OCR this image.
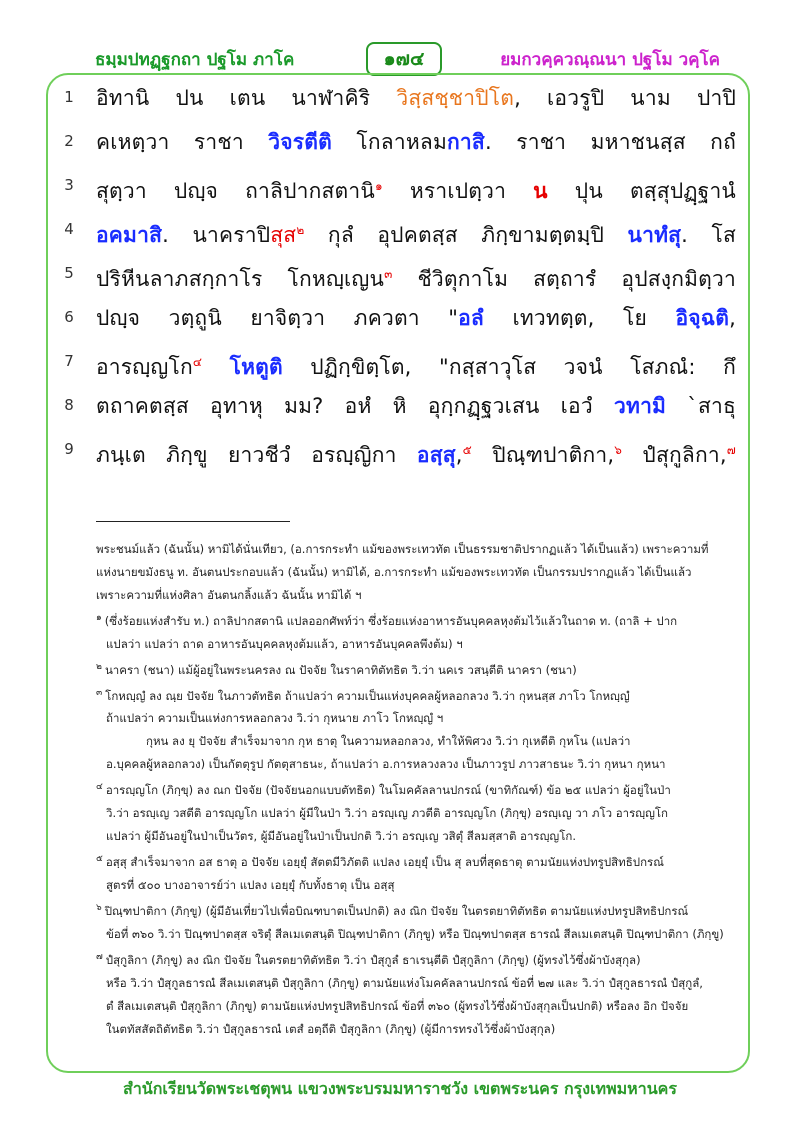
ธมฺมปทฏฺฐกถา ปฐโม ภาโค	๑๗๔	ยมกวคฺควณฺณนา ปฐโม วคฺโค
1 อิทานิ ปน เตน นาฬาคิริ วิสฺสชฺชาปิโต, เอวรูปิ นาม ปาปิ
2 คเหตฺวา ราชา วิจรตีติ โกลาหลมกาสิ. ราชา มหาชนสฺส กถํ
3 สุตฺวา ปญฺจ ถาลิปากสตานิ$^๑$ หราเปตฺวา น ปุน ตสฺสุปฏฺฐานํ
4 อคมาสิ. นาคราปิสุส$^๒$ กุลํ อุปคตสฺส ภิกฺขามตฺตมฺปิ นาทํสุ. โส
5 ปริหีนลาภสกฺกาโร โกหญฺเญน$^๓$ ชีวิตุกาโม สตฺถารํ อุปสงฺกมิตฺวา
6 ปญฺจ วตฺถูนิ ยาจิตฺวา ภควตา "อลํ เทวทตฺต, โย อิจฺฉติ,
7 อารญฺญโก$^๔$ โหตูติ ปฏิกฺขิตฺโต, "กสฺสาวุโส วจนํ โสภณํ: กึ
8 ตถาคตสฺส อุทาหุ มม? อหํ หิ อุกฺกฏฺฐวเสน เอวํ วทามิ `สาธุ
9 ภนฺเต ภิกฺขู ยาวชีวํ อรญฺญิกา อสฺสุ,$^๕$ ปิณฺฑปาติกา,$^๖$ ปํสุกูลิกา,$^๗$

พระชนม์แล้ว (ฉันนั้น) หามิได้นั่นเทียว, (อ.การกระทำ แม้ของพระเทวทัต เป็นธรรมชาติปรากฏแล้ว ได้เป็นแล้ว) เพราะความที่

แห่งนายขมังธนู ท. อันตนประกอบแล้ว (ฉันนั้น) หามิได้, อ.การกระทำ แม้ของพระเทวทัต เป็นกรรมปรากฏแล้ว ได้เป็นแล้ว

เพราะความที่แห่งศิลา อันตนกลิ้งแล้ว ฉันนั้น หามิได้ ฯ

$^๑$ (ซึ่งร้อยแห่งสำรับ ท.) ถาลิปากสตานิ แปลออกศัพท์ว่า ซึ่งร้อยแห่งอาหารอันบุคคลหุงต้มไว้แล้วในถาด ท. (ถาลิ + ปาก

แปลว่า แปลว่า ถาด อาหารอันบุคคลหุงต้มแล้ว, อาหารอันบุคคลพึงต้ม) ฯ

$^๒$ นาครา (ชนา) แม้ผู้อยู่ในพระนครลง ณ ปัจจัย ในราคาทิตัทธิต วิ.ว่า นคเร วสนฺตีติ นาครา (ชนา)

$^๓$ โกหญฺญํ ลง ณฺย ปัจจัย ในภาวตัทธิต ถ้าแปลว่า ความเป็นแห่งบุคคลผู้หลอกลวง วิ.ว่า กุหนสฺส ภาโว โกหญฺญํ

ถ้าแปลว่า ความเป็นแห่งการหลอกลวง วิ.ว่า กุหนาย ภาโว โกหญฺญํ ฯ

กุหน ลง ยุ ปัจจัย สำเร็จมาจาก กุห ธาตุ ในความหลอกลวง, ทำให้พิศวง วิ.ว่า กุเหตีติ กุหโน (แปลว่า

อ.บุคคลผู้หลอกลวง) เป็นกัตตุรูป กัตตุสาธนะ, ถ้าแปลว่า อ.การหลวงลวง เป็นภาวรูป ภาวสาธนะ วิ.ว่า กุหนา กุหนา

$^๔$ อารญฺญโก (ภิกฺขุ) ลง ณก ปัจจัย (ปัจจัยนอกแบบตัทธิต) ในโมคคัลลานปกรณ์ (ขาทิกัณฑ์) ข้อ ๒๕ แปลว่า ผู้อยู่ในป่า

วิ.ว่า อรญฺเญ วสตีติ อารญฺญโก แปลว่า ผู้มีในป่า วิ.ว่า อรญฺเญ ภวตีติ อารญฺญโก (ภิกฺขุ) อรญฺเญ วา ภโว อารญฺญโก

แปลว่า ผู้มีอันอยู่ในป่าเป็นวัตร, ผู้มีอันอยู่ในป่าเป็นปกติ วิ.ว่า อรญฺเญ วสิตุํ สีลมสฺสาติ อารญฺญโก.

$^๕$ อสฺสุ สำเร็จมาจาก อส ธาตุ อ ปัจจัย เอยฺยุํ สัตตมีวิภัตติ แปลง เอยฺยุํ เป็น สุ ลบที่สุดธาตุ ตามนัยแห่งปทรูปสิทธิปกรณ์

สูตรที่ ๕๐๐ บางอาจารย์ว่า แปลง เอยฺยุํ กับทั้งธาตุ เป็น อสฺสุ

$^๖$ ปิณฺฑปาติกา (ภิกฺขู) (ผู้มีอันเที่ยวไปเพื่อบิณฑบาตเป็นปกติ) ลง ณิก ปัจจัย ในตรตยาทิตัทธิต ตามนัยแห่งปทรูปสิทธิปกรณ์

ข้อที่ ๓๖๐ วิ.ว่า ปิณฺฑปาตสฺส จริตุํ สีลเมเตสนฺติ ปิณฺฑปาติกา (ภิกฺขู) หรือ ปิณฺฑปาตสฺส ธารณํ สีลเมเตสนฺติ ปิณฺฑปาติกา (ภิกฺขู)

$^๗$ ปํสุกูลิกา (ภิกฺขู) ลง ณิก ปัจจัย ในตรตยาทิตัทธิต วิ.ว่า ปํสุกูลํ ธาเรนฺตีติ ปํสุกูลิกา (ภิกฺขู) (ผู้ทรงไว้ซึ่งผ้าบังสุกุล)

หรือ วิ.ว่า ปํสุกูลธารณํ สีลเมเตสนฺติ ปํสุกูลิกา (ภิกฺขู) ตามนัยแห่งโมคคัลลานปกรณ์ ข้อที่ ๒๗ และ วิ.ว่า ปํสุกูลธารณํ ปํสุกูลํ,

ตํ สีลเมเตสนฺติ ปํสุกูลิกา (ภิกฺขู) ตามนัยแห่งปทรูปสิทธิปกรณ์ ข้อที่ ๓๖๐ (ผู้ทรงไว้ซึ่งผ้าบังสุกุลเป็นปกติ) หรือลง อิก ปัจจัย

ในตทัสสัตถิตัทธิต วิ.ว่า ปํสุกูลธารณํ เตสํ อตฺถีติ ปํสุกูลิกา (ภิกฺขู) (ผู้มีการทรงไว้ซึ่งผ้าบังสุกุล)

สำนักเรียนวัดพระเชตุพน แขวงพระบรมมหาราชวัง เขตพระนคร กรุงเทพมหานคร
